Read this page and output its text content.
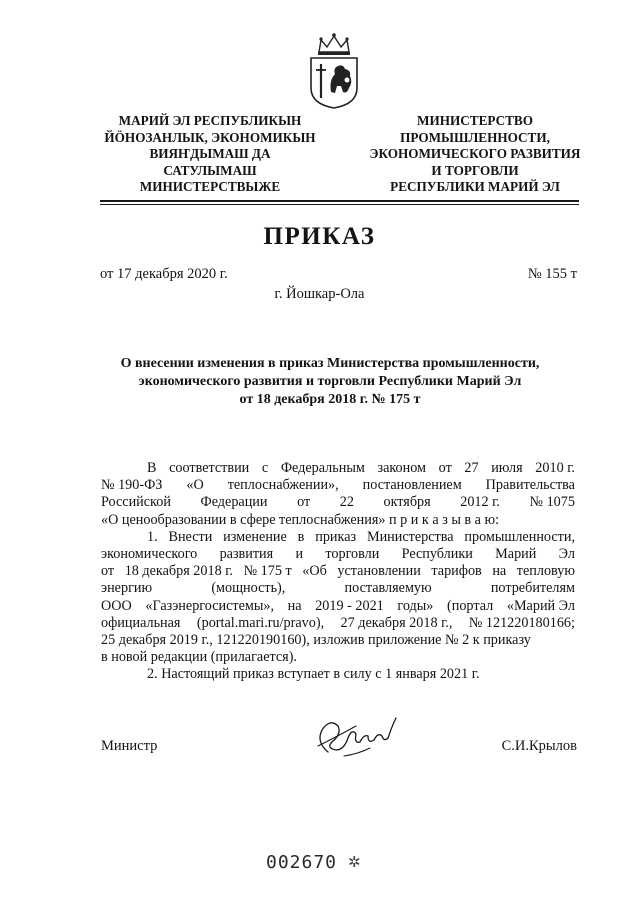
МАРИЙ ЭЛ РЕСПУБЛИКЫН
ЙӦНОЗАНЛЫК, ЭКОНОМИКЫН
ВИЯҤДЫМАШ ДА
САТУЛЫМАШ
МИНИСТЕРСТВЫЖЕ
МИНИСТЕРСТВО
ПРОМЫШЛЕННОСТИ,
ЭКОНОМИЧЕСКОГО РАЗВИТИЯ
И ТОРГОВЛИ
РЕСПУБЛИКИ МАРИЙ ЭЛ
ПРИКАЗ
от 17 декабря 2020 г.	№ 155 т
г. Йошкар-Ола
О внесении изменения в приказ Министерства промышленности,
экономического развития и торговли Республики Марий Эл
от 18 декабря 2018 г. № 175 т
В соответствии с Федеральным законом от 27 июля 2010 г.
№ 190-ФЗ «О теплоснабжении», постановлением Правительства
Российской Федерации от 22 октября 2012 г. № 1075
«О ценообразовании в сфере теплоснабжения» п р и к а з ы в а ю:
1. Внести изменение в приказ Министерства промышленности,
экономического развития и торговли Республики Марий Эл
от 18 декабря 2018 г. № 175 т «Об установлении тарифов на тепловую
энергию	(мощность),	поставляемую	потребителям
ООО «Газэнергосистемы», на 2019 - 2021 годы» (портал «Марий Эл
официальная (portal.mari.ru/pravo), 27 декабря 2018 г., № 121220180166;
25 декабря 2019 г., 121220190160), изложив приложение № 2 к приказу
в новой редакции (прилагается).
2. Настоящий приказ вступает в силу с 1 января 2021 г.
Министр	С.И.Крылов
002670 ✲
